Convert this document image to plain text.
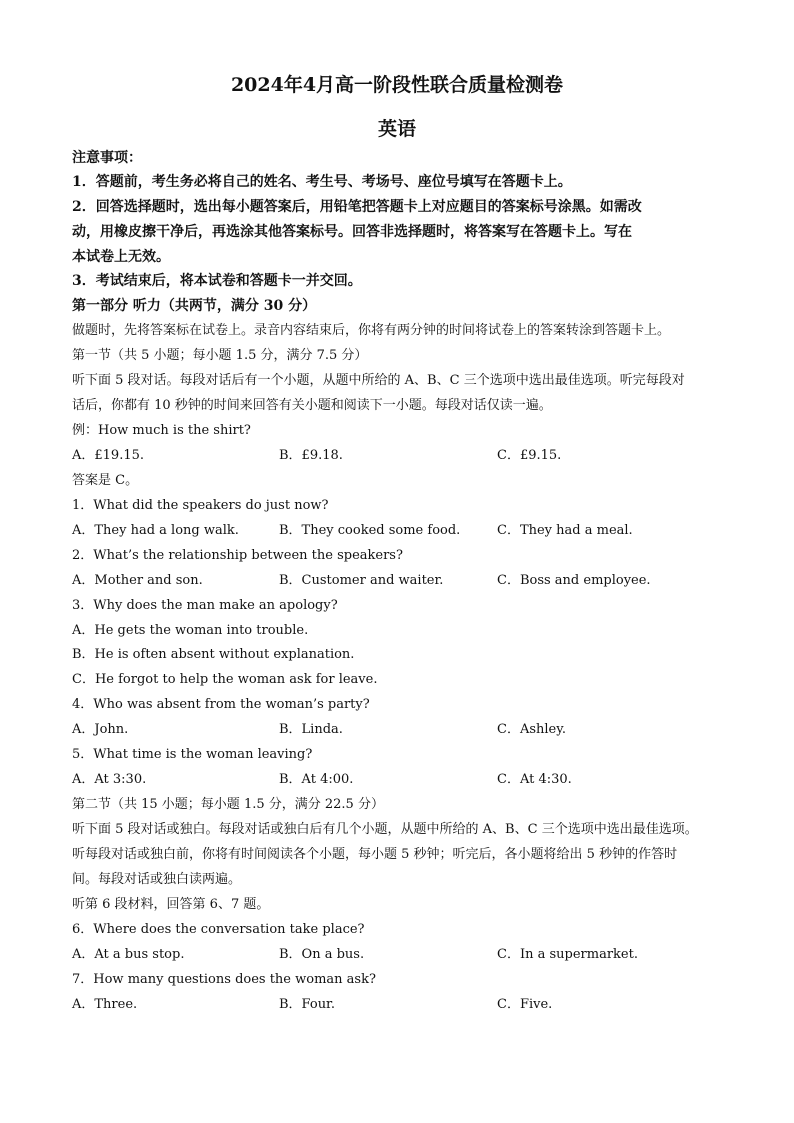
2024年4月高一阶段性联合质量检测卷
英语
注意事项：
1．答题前，考生务必将自己的姓名、考生号、考场号、座位号填写在答题卡上。
2．回答选择题时，选出每小题答案后，用铅笔把答题卡上对应题目的答案标号涂黑。如需改
动，用橡皮擦干净后，再选涂其他答案标号。回答非选择题时，将答案写在答题卡上。写在
本试卷上无效。
3．考试结束后，将本试卷和答题卡一并交回。
第一部分 听力（共两节，满分 30 分）
做题时，先将答案标在试卷上。录音内容结束后，你将有两分钟的时间将试卷上的答案转涂到答题卡上。
第一节（共 5 小题；每小题 1.5 分，满分 7.5 分）
听下面 5 段对话。每段对话后有一个小题，从题中所给的 A、B、C 三个选项中选出最佳选项。听完每段对
话后，你都有 10 秒钟的时间来回答有关小题和阅读下一小题。每段对话仅读一遍。
例：How much is the shirt?
A．£19.15.	B．£9.18.	C．£9.15.
答案是 C。
1．What did the speakers do just now?
A．They had a long walk.	B．They cooked some food.	C．They had a meal.
2．What’s the relationship between the speakers?
A．Mother and son.	B．Customer and waiter.	C．Boss and employee.
3．Why does the man make an apology?
A．He gets the woman into trouble.
B．He is often absent without explanation.
C．He forgot to help the woman ask for leave.
4．Who was absent from the woman’s party?
A．John.	B．Linda.	C．Ashley.
5．What time is the woman leaving?
A．At 3:30.	B．At 4:00.	C．At 4:30.
第二节（共 15 小题；每小题 1.5 分，满分 22.5 分）
听下面 5 段对话或独白。每段对话或独白后有几个小题，从题中所给的 A、B、C 三个选项中选出最佳选项。
听每段对话或独白前，你将有时间阅读各个小题，每小题 5 秒钟；听完后，各小题将给出 5 秒钟的作答时
间。每段对话或独白读两遍。
听第 6 段材料，回答第 6、7 题。
6．Where does the conversation take place?
A．At a bus stop.	B．On a bus.	C．In a supermarket.
7．How many questions does the woman ask?
A．Three.	B．Four.	C．Five.
